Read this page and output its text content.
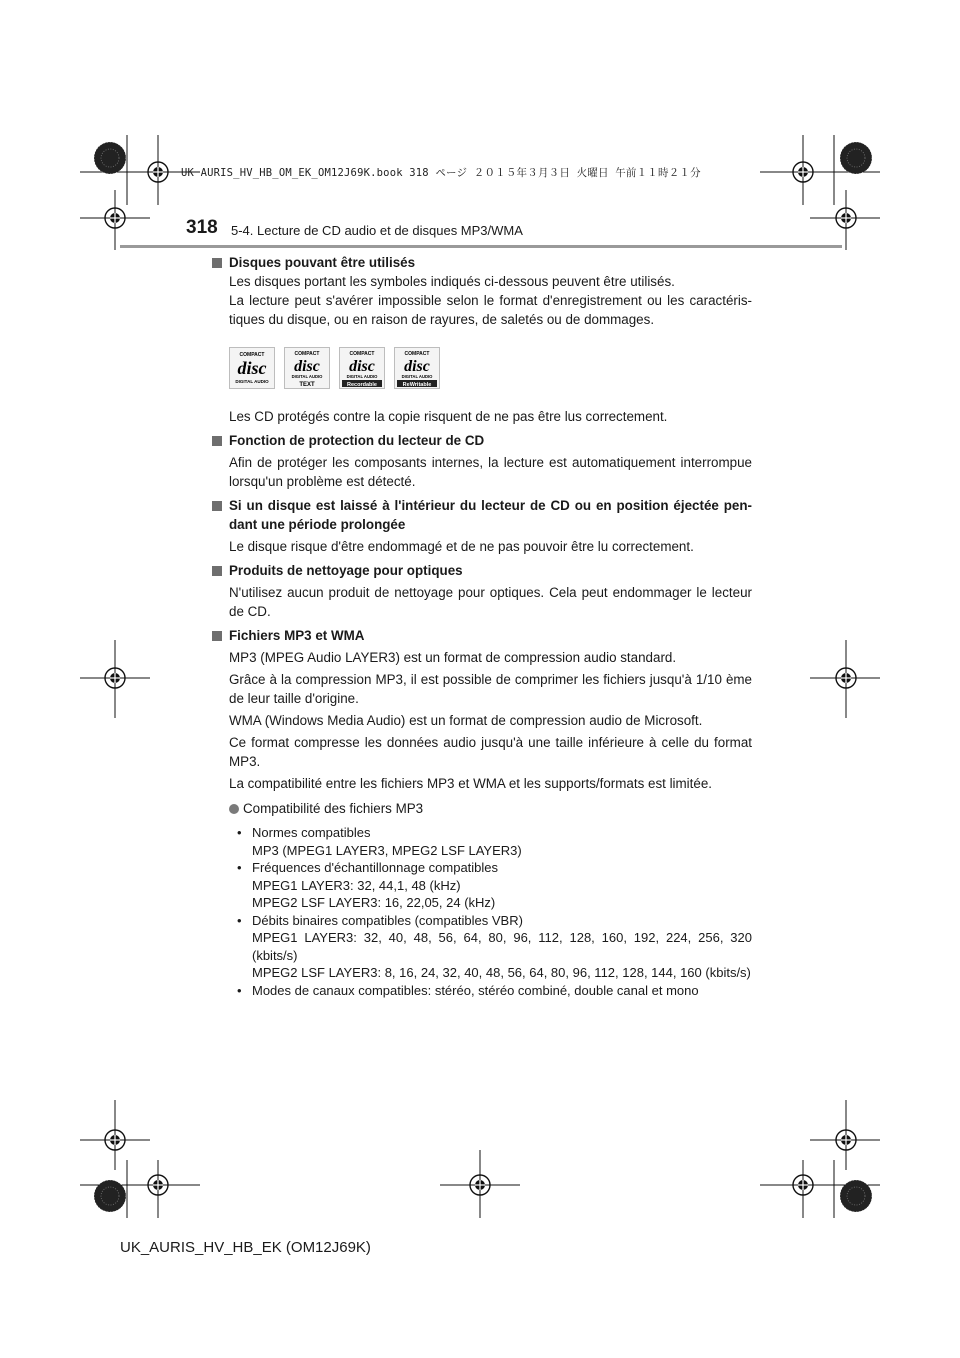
UK AURIS_HV_HB_OM_EK_OM12J69K.book 318 ページ ２０１５年３月３日 火曜日 午前１１時２１分
318 5-4. Lecture de CD audio et de disques MP3/WMA
Disques pouvant être utilisés
Les disques portant les symboles indiqués ci-dessous peuvent être utilisés.
La lecture peut s'avérer impossible selon le format d'enregistrement ou les caractéris-tiques du disque, ou en raison de rayures, de saletés ou de dommages.
COMPACT
disc
DIGITAL AUDIO
COMPACT
disc
DIGITAL AUDIO
TEXT
COMPACT
disc
DIGITAL AUDIO
Recordable
COMPACT
disc
DIGITAL AUDIO
ReWritable
Les CD protégés contre la copie risquent de ne pas être lus correctement.
Fonction de protection du lecteur de CD
Afin de protéger les composants internes, la lecture est automatiquement interrompue lorsqu'un problème est détecté.
Si un disque est laissé à l'intérieur du lecteur de CD ou en position éjectée pen-dant une période prolongée
Le disque risque d'être endommagé et de ne pas pouvoir être lu correctement.
Produits de nettoyage pour optiques
N'utilisez aucun produit de nettoyage pour optiques. Cela peut endommager le lecteur de CD.
Fichiers MP3 et WMA
MP3 (MPEG Audio LAYER3) est un format de compression audio standard.
Grâce à la compression MP3, il est possible de comprimer les fichiers jusqu'à 1/10 ème de leur taille d'origine.
WMA (Windows Media Audio) est un format de compression audio de Microsoft.
Ce format compresse les données audio jusqu'à une taille inférieure à celle du format MP3.
La compatibilité entre les fichiers MP3 et WMA et les supports/formats est limitée.
Compatibilité des fichiers MP3
• Normes compatibles
MP3 (MPEG1 LAYER3, MPEG2 LSF LAYER3)
• Fréquences d'échantillonnage compatibles
MPEG1 LAYER3: 32, 44,1, 48 (kHz)
MPEG2 LSF LAYER3: 16, 22,05, 24 (kHz)
• Débits binaires compatibles (compatibles VBR)
MPEG1 LAYER3: 32, 40, 48, 56, 64, 80, 96, 112, 128, 160, 192, 224, 256, 320 (kbits/s)
MPEG2 LSF LAYER3: 8, 16, 24, 32, 40, 48, 56, 64, 80, 96, 112, 128, 144, 160 (kbits/s)
• Modes de canaux compatibles: stéréo, stéréo combiné, double canal et mono
UK_AURIS_HV_HB_EK (OM12J69K)
